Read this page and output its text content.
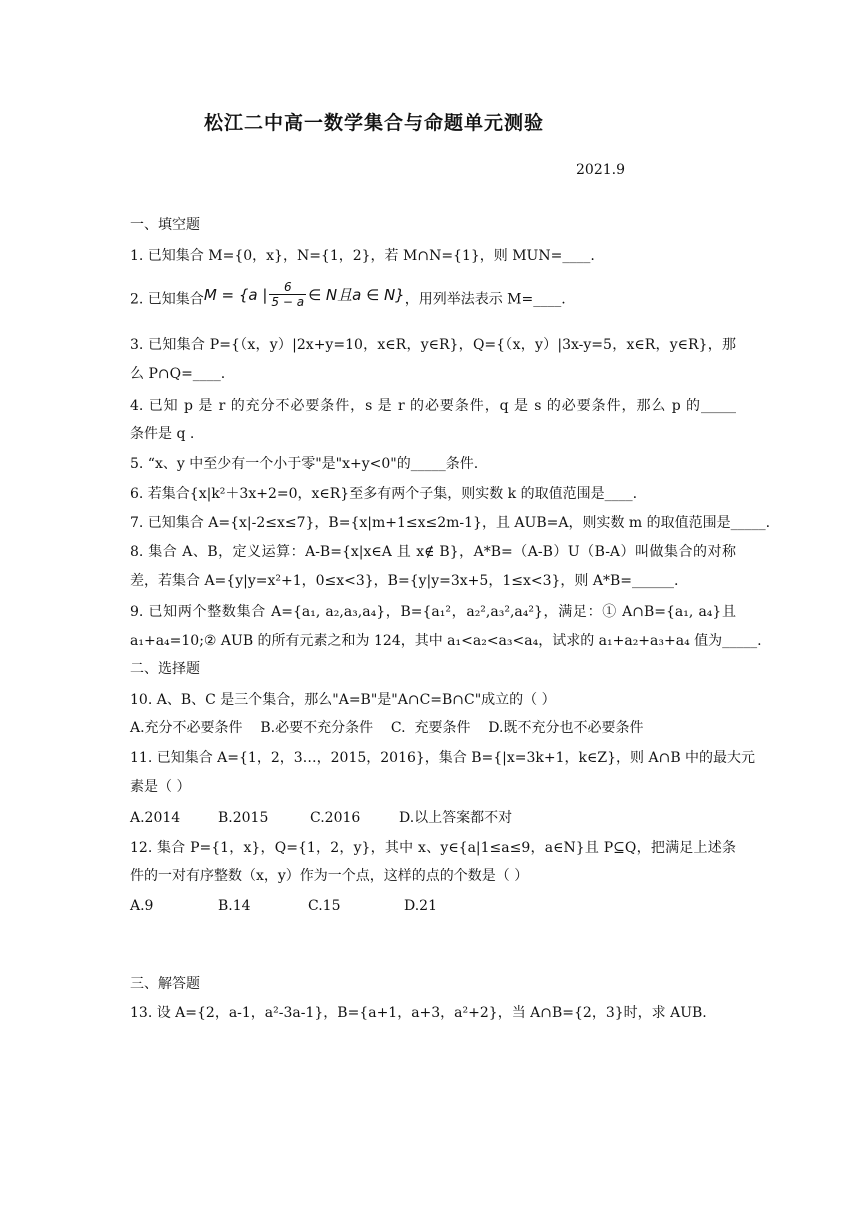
松江二中高一数学集合与命题单元测验
2021.9
一、填空题
1. 已知集合 M={0，x}，N={1，2}，若 M∩N={1}，则 MUN=____.
2. 已知集合 M = {a | $\frac{6}{5 - a}$ ∈ N且a ∈ N} ，用列举法表示 M=____.
3. 已知集合 P={（x，y）|2x+y=10，x∈R，y∈R}，Q={（x，y）|3x-y=5，x∈R，y∈R}，那
么 P∩Q=____.
4. 已知 p 是 r 的充分不必要条件，s 是 r 的必要条件，q 是 s 的必要条件，那么 p 的_____
条件是 q .
5. “x、y 中至少有一个小于零"是"x+y<0"的_____条件.
6. 若集合{x|k²＋3x+2=0，x∈R}至多有两个子集，则实数 k 的取值范围是____.
7. 已知集合 A={x|-2≤x≤7}，B={x|m+1≤x≤2m-1}，且 AUB=A，则实数 m 的取值范围是_____.
8. 集合 A、B，定义运算：A-B={x|x∈A 且 x∉ B}，A*B=（A-B）U（B-A）叫做集合的对称
差，若集合 A={y|y=x²+1，0≤x<3}，B={y|y=3x+5，1≤x<3}，则 A*B=______.
9. 已知两个整数集合 A={a₁, a₂,a₃,a₄}，B={a₁²，a₂²,a₃²,a₄²}，满足：① A∩B={a₁, a₄}且
a₁+a₄=10;② AUB 的所有元素之和为 124，其中 a₁<a₂<a₃<a₄，试求的 a₁+a₂+a₃+a₄ 值为_____.
二、选择题
10. A、B、C 是三个集合，那么"A=B"是"A∩C=B∩C"成立的（ ）
A.充分不必要条件    B.必要不充分条件    C.  充要条件    D.既不充分也不必要条件
11. 已知集合 A={1，2，3…，2015，2016}，集合 B={|x=3k+1，k∈Z}，则 A∩B 中的最大元
素是（ ）
A.2014	B.2015	C.2016	D.以上答案都不对
12. 集合 P={1，x}，Q={1，2，y}，其中 x、y∈{a|1≤a≤9，a∈N}且 P⊆Q，把满足上述条
件的一对有序整数（x，y）作为一个点，这样的点的个数是（ ）
A.9	B.14	C.15	D.21
三、解答题
13. 设 A={2，a-1，a²-3a-1}，B={a+1，a+3，a²+2}，当 A∩B={2，3}时，求 AUB.
